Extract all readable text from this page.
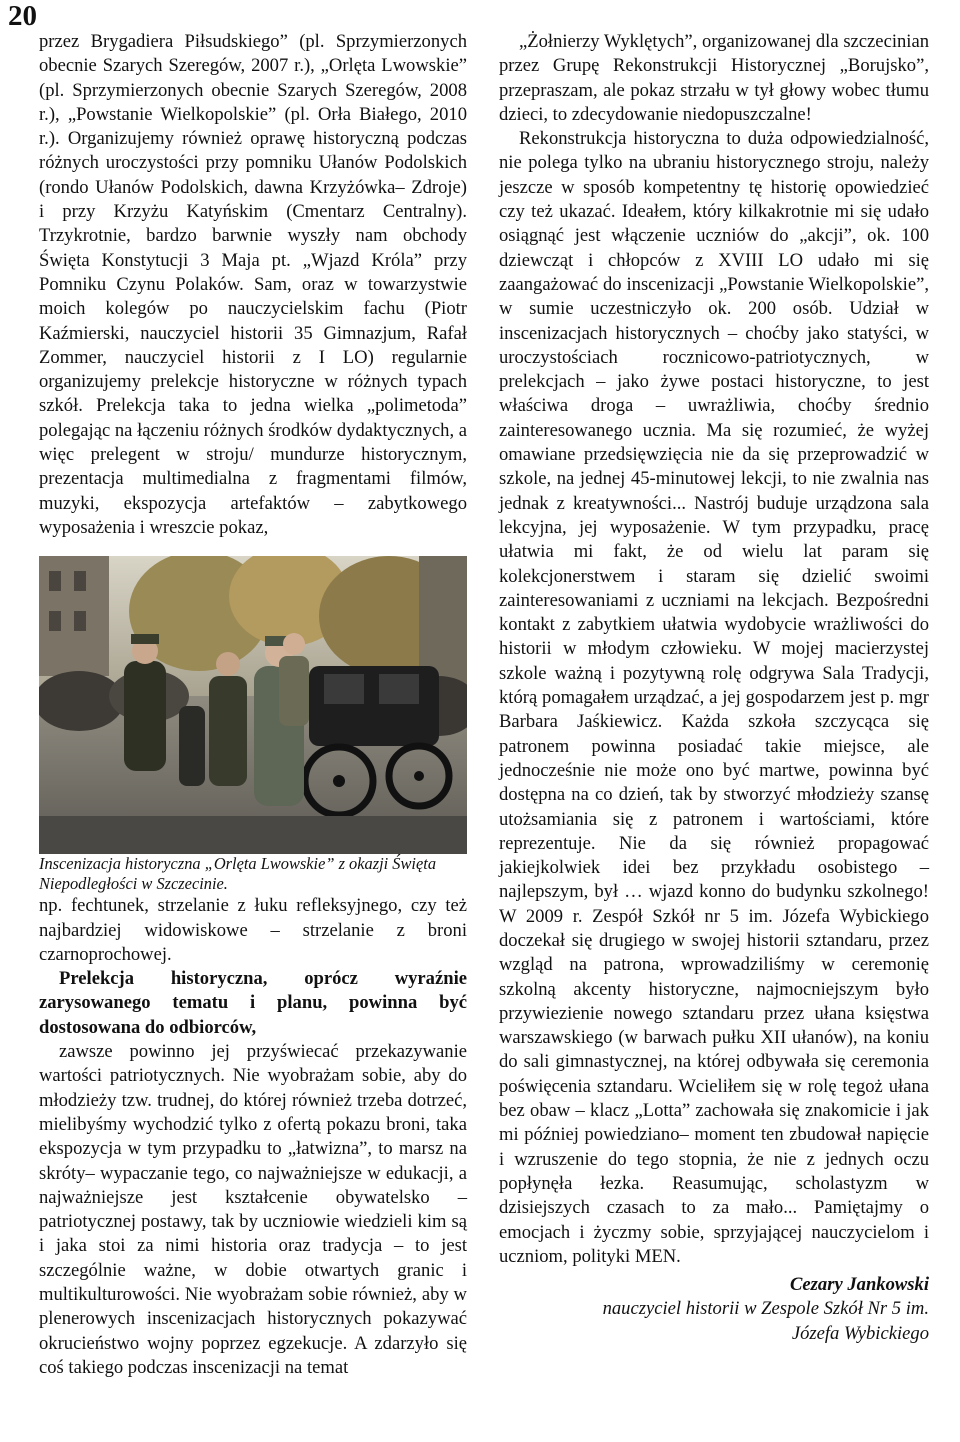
20

przez Brygadiera Piłsudskiego” (pl. Sprzymierzonych obecnie Szarych Szeregów, 2007 r.), „Orlęta Lwowskie” (pl. Sprzymierzonych obecnie Szarych Szeregów, 2008 r.), „Powstanie Wielkopolskie” (pl. Orła Białego, 2010 r.). Organizujemy również oprawę historyczną podczas różnych uroczystości przy pomniku Ułanów Podolskich (rondo Ułanów Podolskich, dawna Krzyżówka– Zdroje) i przy Krzyżu Katyńskim (Cmentarz Centralny). Trzykrotnie, bardzo barwnie wyszły nam obchody Święta Konstytucji 3 Maja pt. „Wjazd Króla” przy Pomniku Czynu Polaków. Sam, oraz w towarzystwie moich kolegów po nauczycielskim fachu (Piotr Kaźmierski, nauczyciel historii 35 Gimnazjum, Rafał Zommer, nauczyciel historii z I LO) regularnie organizujemy prelekcje historyczne w różnych typach szkół. Prelekcja taka to jedna wielka „polimetoda” polegając na łączeniu różnych środków dydaktycznych, a więc prelegent w stroju/ mundurze historycznym, prezentacja multimedialna z fragmentami filmów, muzyki, ekspozycja artefaktów – zabytkowego wyposażenia i wreszcie pokaz,

Inscenizacja historyczna „Orlęta Lwowskie” z okazji Święta Niepodległości w Szczecinie.

np. fechtunek, strzelanie z łuku refleksyjnego, czy też najbardziej widowiskowe – strzelanie z broni czarnoprochowej.

Prelekcja historyczna, oprócz wyraźnie zarysowanego tematu i planu, powinna być dostosowana do odbiorców,

zawsze powinno jej przyświecać przekazywanie wartości patriotycznych. Nie wyobrażam sobie, aby do młodzieży tzw. trudnej, do której również trzeba dotrzeć, mielibyśmy wychodzić tylko z ofertą pokazu broni, taka ekspozycja w tym przypadku to „łatwizna”, to marsz na skróty– wypaczanie tego, co najważniejsze w edukacji, a najważniejsze jest kształcenie obywatelsko – patriotycznej postawy, tak by uczniowie wiedzieli kim są i jaka stoi za nimi historia oraz tradycja – to jest szczególnie ważne, w dobie otwartych granic i multikulturowości. Nie wyobrażam sobie również, aby w plenerowych inscenizacjach historycznych pokazywać okrucieństwo wojny poprzez egzekucje. A zdarzyło się coś takiego podczas inscenizacji na temat

„Żołnierzy Wyklętych”, organizowanej dla szczecinian przez Grupę Rekonstrukcji Historycznej „Borujsko”, przepraszam, ale pokaz strzału w tył głowy wobec tłumu dzieci, to zdecydowanie niedopuszczalne!

Rekonstrukcja historyczna to duża odpowiedzialność, nie polega tylko na ubraniu historycznego stroju, należy jeszcze w sposób kompetentny tę historię opowiedzieć czy też ukazać. Ideałem, który kilkakrotnie mi się udało osiągnąć jest włączenie uczniów do „akcji”, ok. 100 dziewcząt i chłopców z XVIII LO udało mi się zaangażować do inscenizacji „Powstanie Wielkopolskie”, w sumie uczestniczyło ok. 200 osób. Udział w inscenizacjach historycznych – choćby jako statyści, w uroczystościach rocznicowo-patriotycznych, w prelekcjach – jako żywe postaci historyczne, to jest właściwa droga – uwrażliwia, choćby średnio zainteresowanego ucznia. Ma się rozumieć, że wyżej omawiane przedsięwzięcia nie da się przeprowadzić w szkole, na jednej 45-minutowej lekcji, to nie zwalnia nas jednak z kreatywności... Nastrój buduje urządzona sala lekcyjna, jej wyposażenie. W tym przypadku, pracę ułatwia mi fakt, że od wielu lat param się kolekcjonerstwem i staram się dzielić swoimi zainteresowaniami z uczniami na lekcjach. Bezpośredni kontakt z zabytkiem ułatwia wydobycie wrażliwości do historii w młodym człowieku. W mojej macierzystej szkole ważną i pozytywną rolę odgrywa Sala Tradycji, którą pomagałem urządzać, a jej gospodarzem jest p. mgr Barbara Jaśkiewicz. Każda szkoła szczycąca się patronem powinna posiadać takie miejsce, ale jednocześnie nie może ono być martwe, powinna być dostępna na co dzień, tak by stworzyć młodzieży szansę utożsamiania się z patronem i wartościami, które reprezentuje. Nie da się również propagować jakiejkolwiek idei bez przykładu osobistego – najlepszym, był … wjazd konno do budynku szkolnego! W 2009 r. Zespół Szkół nr 5 im. Józefa Wybickiego doczekał się drugiego w swojej historii sztandaru, przez wzgląd na patrona, wprowadziliśmy w ceremonię szkolną akcenty historyczne, najmocniejszym było przywiezienie nowego sztandaru przez ułana księstwa warszawskiego (w barwach pułku XII ułanów), na koniu do sali gimnastycznej, na której odbywała się ceremonia poświęcenia sztandaru. Wcieliłem się w rolę tegoż ułana bez obaw – klacz „Lotta” zachowała się znakomicie i jak mi później powiedziano– moment ten zbudował napięcie i wzruszenie do tego stopnia, że nie z jednych oczu popłynęła łezka. Reasumując, scholastyzm w dzisiejszych czasach to za mało... Pamiętajmy o emocjach i życzmy sobie, sprzyjającej nauczycielom i uczniom, polityki MEN.

Cezary Jankowski
nauczyciel historii w Zespole Szkół Nr 5 im.
Józefa Wybickiego
